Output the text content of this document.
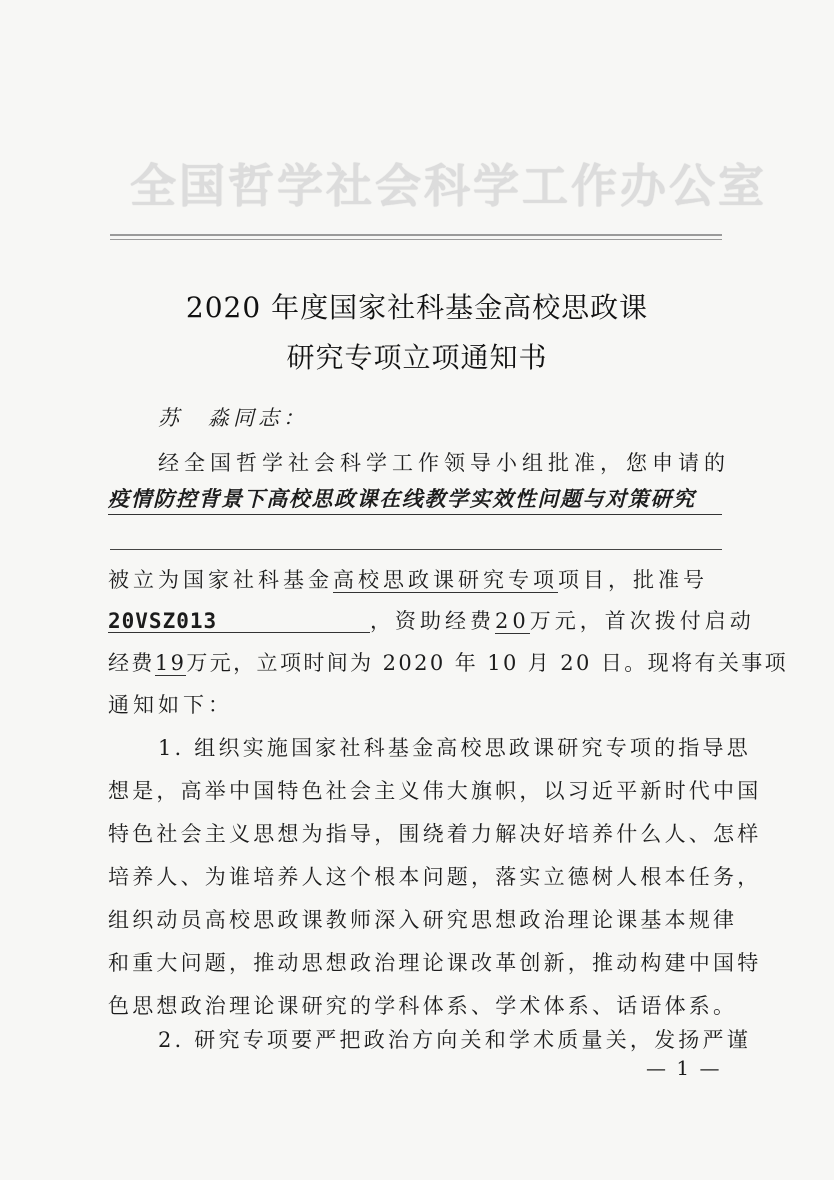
全国哲学社会科学工作办公室
2020 年度国家社科基金高校思政课
研究专项立项通知书
苏　淼同志：
经全国哲学社会科学工作领导小组批准，您申请的
疫情防控背景下高校思政课在线教学实效性问题与对策研究
被立为国家社科基金高校思政课研究专项项目，批准号
20VSZ013	，资助经费20万元，首次拨付启动
经费19万元，立项时间为 2020 年 10 月 20 日。现将有关事项
通知如下：
1. 组织实施国家社科基金高校思政课研究专项的指导思
想是，高举中国特色社会主义伟大旗帜，以习近平新时代中国
特色社会主义思想为指导，围绕着力解决好培养什么人、怎样
培养人、为谁培养人这个根本问题，落实立德树人根本任务，
组织动员高校思政课教师深入研究思想政治理论课基本规律
和重大问题，推动思想政治理论课改革创新，推动构建中国特
色思想政治理论课研究的学科体系、学术体系、话语体系。
2. 研究专项要严把政治方向关和学术质量关，发扬严谨
— 1 —
